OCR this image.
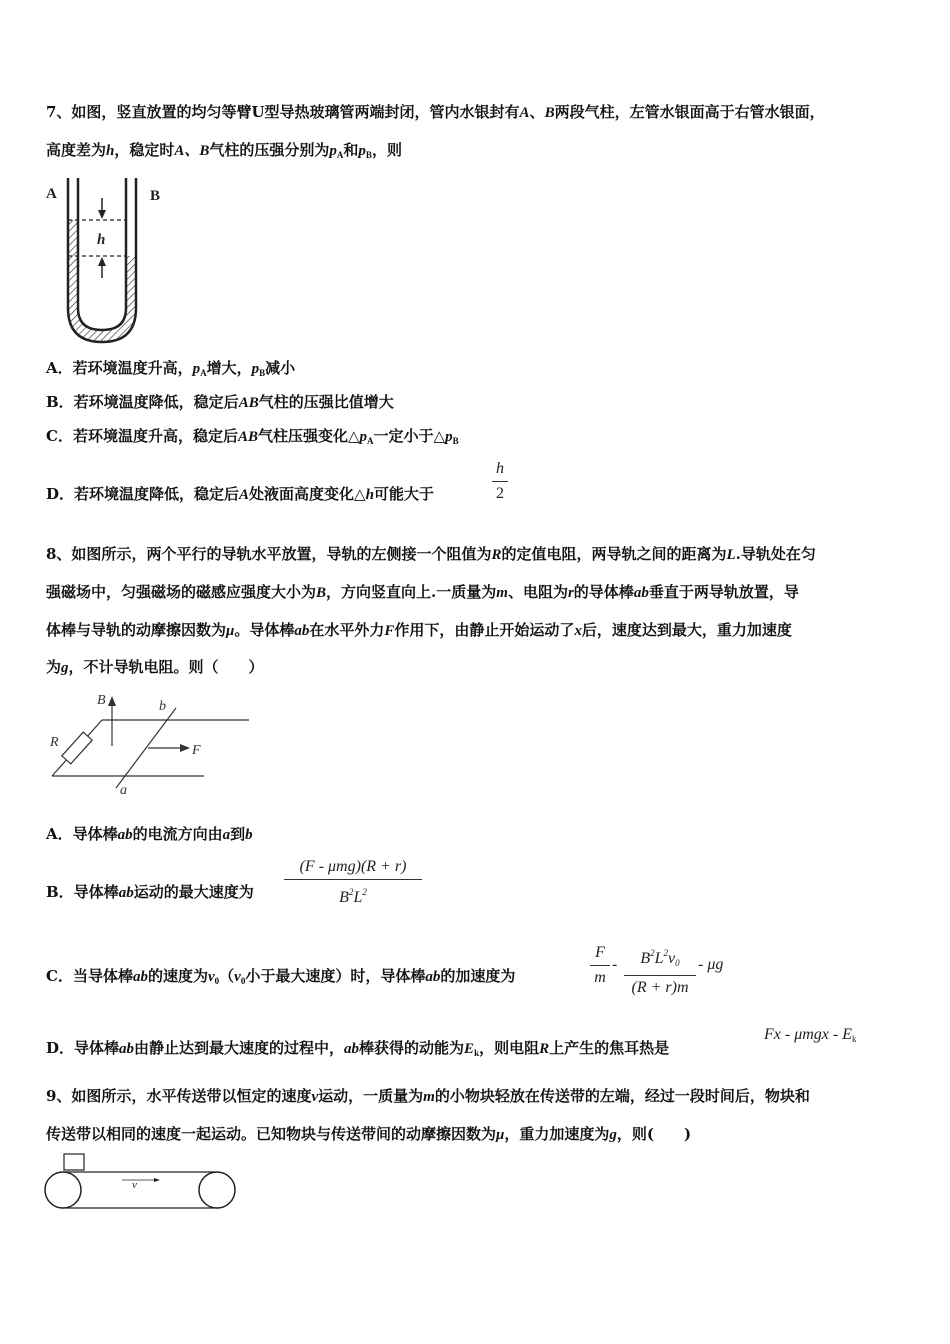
7、如图，竖直放置的均匀等臂U型导热玻璃管两端封闭，管内水银封有A、B两段气柱，左管水银面高于右管水银面，
高度差为h，稳定时A、B气柱的压强分别为$p_A$和$p_B$，则
A	B
h
A．若环境温度升高，$p_A$增大，$p_B$减小
B．若环境温度降低，稳定后AB气柱的压强比值增大
C．若环境温度升高，稳定后AB气柱压强变化$\triangle p_A$一定小于$\triangle p_B$
D．若环境温度降低，稳定后A处液面高度变化△h可能大于
h
2
8、如图所示，两个平行的导轨水平放置，导轨的左侧接一个阻值为R的定值电阻，两导轨之间的距离为L.导轨处在匀
强磁场中，匀强磁场的磁感应强度大小为B，方向竖直向上.一质量为m、电阻为r的导体棒ab垂直于两导轨放置，导
体棒与导轨的动摩擦因数为μ。导体棒ab在水平外力F作用下，由静止开始运动了x后，速度达到最大，重力加速度
为g，不计导轨电阻。则（　　）
B	b
R
F
a
A．导体棒ab的电流方向由a到b
B．导体棒ab运动的最大速度为
(F - μmg)(R + r)
$B^2L^2$
C．当导体棒ab的速度为$v_0(v_0$小于最大速度）时，导体棒ab的加速度为
F
m
-	$B^2L^2v0$
(R + r)m
- μg
D．导体棒ab由静止达到最大速度的过程中，ab棒获得的动能为$E_k$，则电阻R上产生的焦耳热是
Fx - μmgx - Ek
9、如图所示，水平传送带以恒定的速度v运动，一质量为m的小物块轻放在传送带的左端，经过一段时间后，物块和
传送带以相同的速度一起运动。已知物块与传送带间的动摩擦因数为μ，重力加速度为g，则(　　)
v
